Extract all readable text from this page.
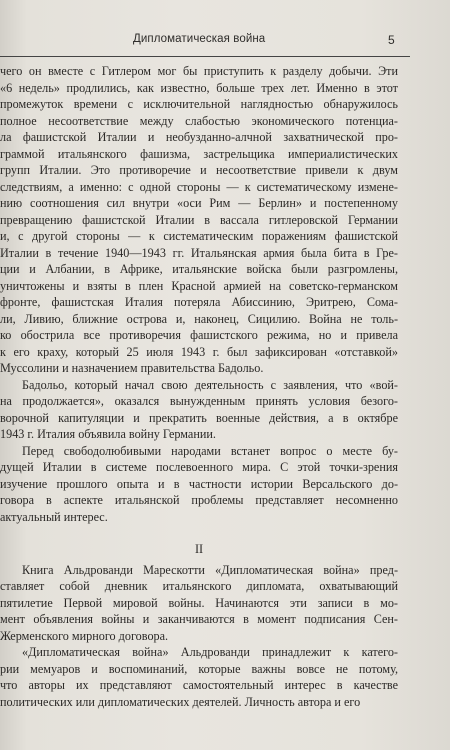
Дипломатическая война	5
чего он вместе с Гитлером мог бы приступить к разделу добычи. Эти
«6 недель» продлились, как известно, больше трех лет. Именно в этот
промежуток времени с исключительной наглядностью обнаружилось
полное несоответствие между слабостью экономического потенциа-
ла фашистской Италии и необузданно-алчной захватнической про-
граммой итальянского фашизма, застрельщика империалистических
групп Италии. Это противоречие и несоответствие привели к двум
следствиям, а именно: с одной стороны — к систематическому измене-
нию соотношения сил внутри «оси Рим — Берлин» и постепенному
превращению фашистской Италии в вассала гитлеровской Германии
и, с другой стороны — к систематическим поражениям фашистской
Италии в течение 1940—1943 гг. Итальянская армия была бита в Гре-
ции и Албании, в Африке, итальянские войска были разгромлены,
уничтожены и взяты в плен Красной армией на советско-германском
фронте, фашистская Италия потеряла Абиссинию, Эритрею, Сома-
ли, Ливию, ближние острова и, наконец, Сицилию. Война не толь-
ко обострила все противоречия фашистского режима, но и привела
к его краху, который 25 июля 1943 г. был зафиксирован «отставкой»
Муссолини и назначением правительства Бадольо.
Бадольо, который начал свою деятельность с заявления, что «вой-
на продолжается», оказался вынужденным принять условия безого-
ворочной капитуляции и прекратить военные действия, а в октябре
1943 г. Италия объявила войну Германии.
Перед свободолюбивыми народами встанет вопрос о месте бу-
дущей Италии в системе послевоенного мира. С этой точки-зрения
изучение прошлого опыта и в частности истории Версальского до-
говора в аспекте итальянской проблемы представляет несомненно
актуальный интерес.
II
Книга Альдрованди Марескотти «Дипломатическая война» пред-
ставляет собой дневник итальянского дипломата, охватывающий
пятилетие Первой мировой войны. Начинаются эти записи в мо-
мент объявления войны и заканчиваются в момент подписания Сен-
Жерменского мирного договора.
«Дипломатическая война» Альдрованди принадлежит к катего-
рии мемуаров и воспоминаний, которые важны вовсе не потому,
что авторы их представляют самостоятельный интерес в качестве
политических или дипломатических деятелей. Личность автора и его
